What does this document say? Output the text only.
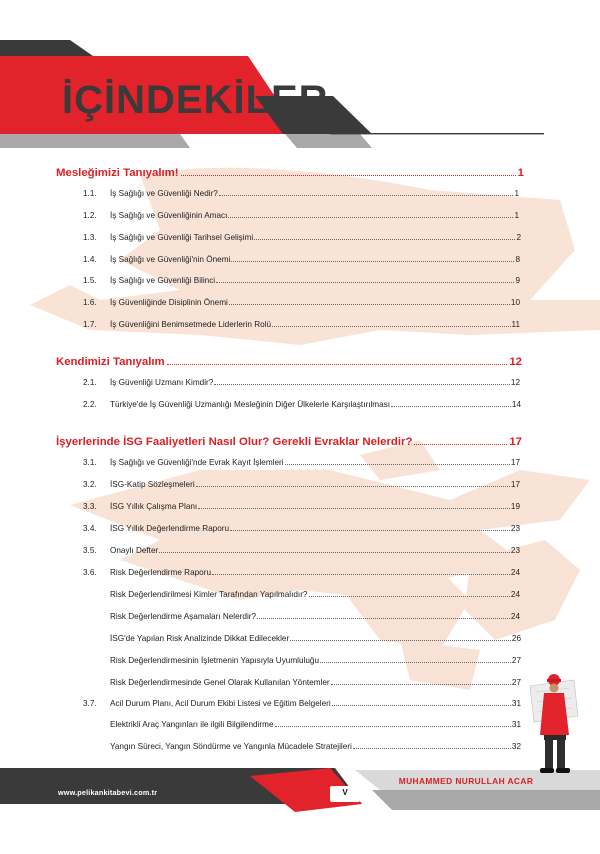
İÇİNDEKİLER
Mesleğimizi Tanıyalım!	1
1.1.	İş Sağlığı ve Güvenliği Nedir?	1
1.2.	İş Sağlığı ve Güvenliğinin Amacı	1
1.3.	İş Sağlığı ve Güvenliği Tarihsel Gelişimi	2
1.4.	İş Sağlığı ve Güvenliği'nin Önemi	8
1.5.	İş Sağlığı ve Güvenliği Bilinci	9
1.6.	İş Güvenliğinde Disiplinin Önemi	10
1.7.	İş Güvenliğini Benimsetmede Liderlerin Rolü	11
Kendimizi Tanıyalım	12
2.1.	İş Güvenliği Uzmanı Kimdir?	12
2.2.	Türkiye'de İş Güvenliği Uzmanlığı Mesleğinin Diğer Ülkelerle Karşılaştırılması	14
İşyerlerinde İSG Faaliyetleri Nasıl Olur? Gerekli Evraklar Nelerdir?	17
3.1.	İş Sağlığı ve Güvenliği'nde Evrak Kayıt İşlemleri	17
3.2.	İSG-Katip Sözleşmeleri	17
3.3.	İSG Yıllık Çalışma Planı	19
3.4.	İSG Yıllık Değerlendirme Raporu	23
3.5.	Onaylı Defter	23
3.6.	Risk Değerlendirme Raporu	24
Risk Değerlendirilmesi Kimler Tarafından Yapılmalıdır?	24
Risk Değerlendirme Aşamaları Nelerdir?	24
İSG'de Yapılan Risk Analizinde Dikkat Edilecekler	26
Risk Değerlendirmesinin İşletmenin Yapısıyla Uyumluluğu	27
Risk Değerlendirmesinde Genel Olarak Kullanılan Yöntemler	27
3.7.	Acil Durum Planı, Acil Durum Ekibi Listesi ve Eğitim Belgeleri	31
Elektrikli Araç Yangınları ile ilgili Bilgilendirme	31
Yangın Süreci, Yangın Söndürme ve Yangınla Mücadele Stratejileri	32
www.pelikankitabevi.com.tr	V
MUHAMMED NURULLAH ACAR
